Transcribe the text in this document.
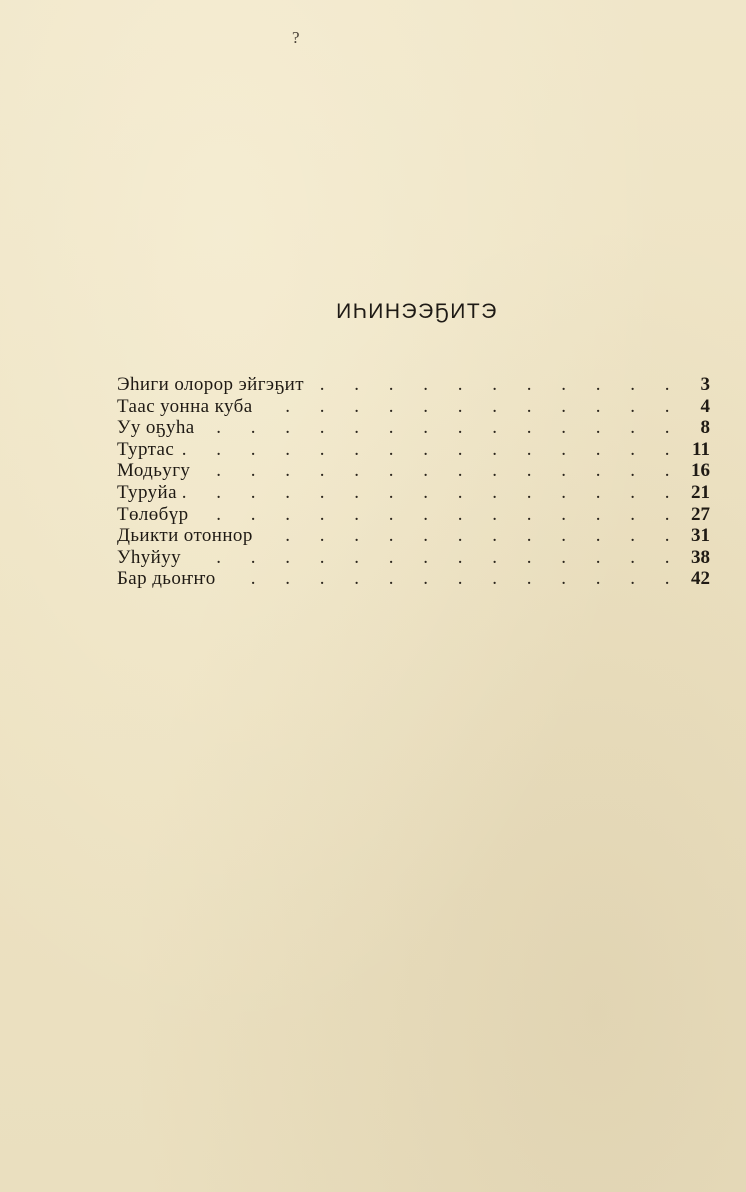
?
ИҺИНЭЭҔИТЭ
Эһиги олорор эйгэҕит . . .	3
Таас уонна куба . . .	4
Уу оҕуһа . . .	8
Туртас . . .	11
Модьугу . . .	16
Туруйа . . .	21
Төлөбүр . . .	27
Дьикти отоннор . . .	31
Уһуйуу . . .	38
Бар дьоҥҥо . . .	42
